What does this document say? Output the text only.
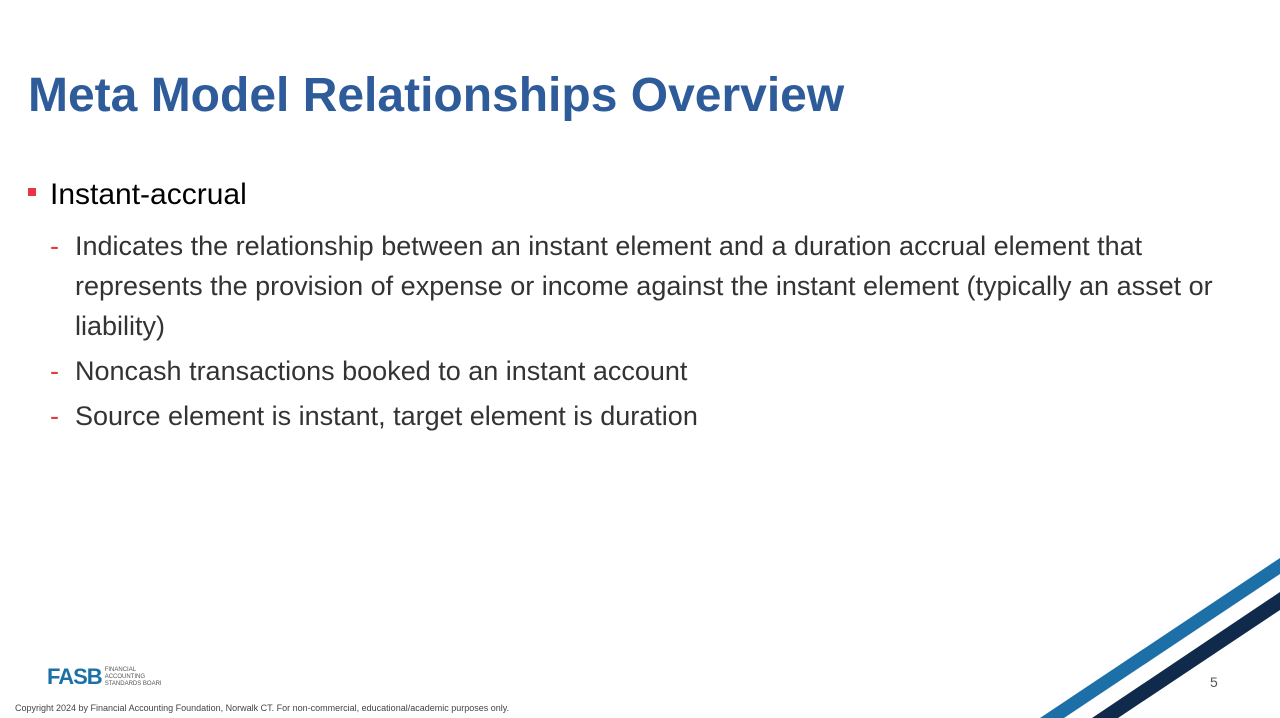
Meta Model Relationships Overview
Instant-accrual
- Indicates the relationship between an instant element and a duration accrual element that represents the provision of expense or income against the instant element (typically an asset or liability)
- Noncash transactions booked to an instant account
- Source element is instant, target element is duration
FASB FINANCIAL
ACCOUNTING
STANDARDS BOARI	5
Copyright 2024 by Financial Accounting Foundation, Norwalk CT. For non-commercial, educational/academic purposes only.
